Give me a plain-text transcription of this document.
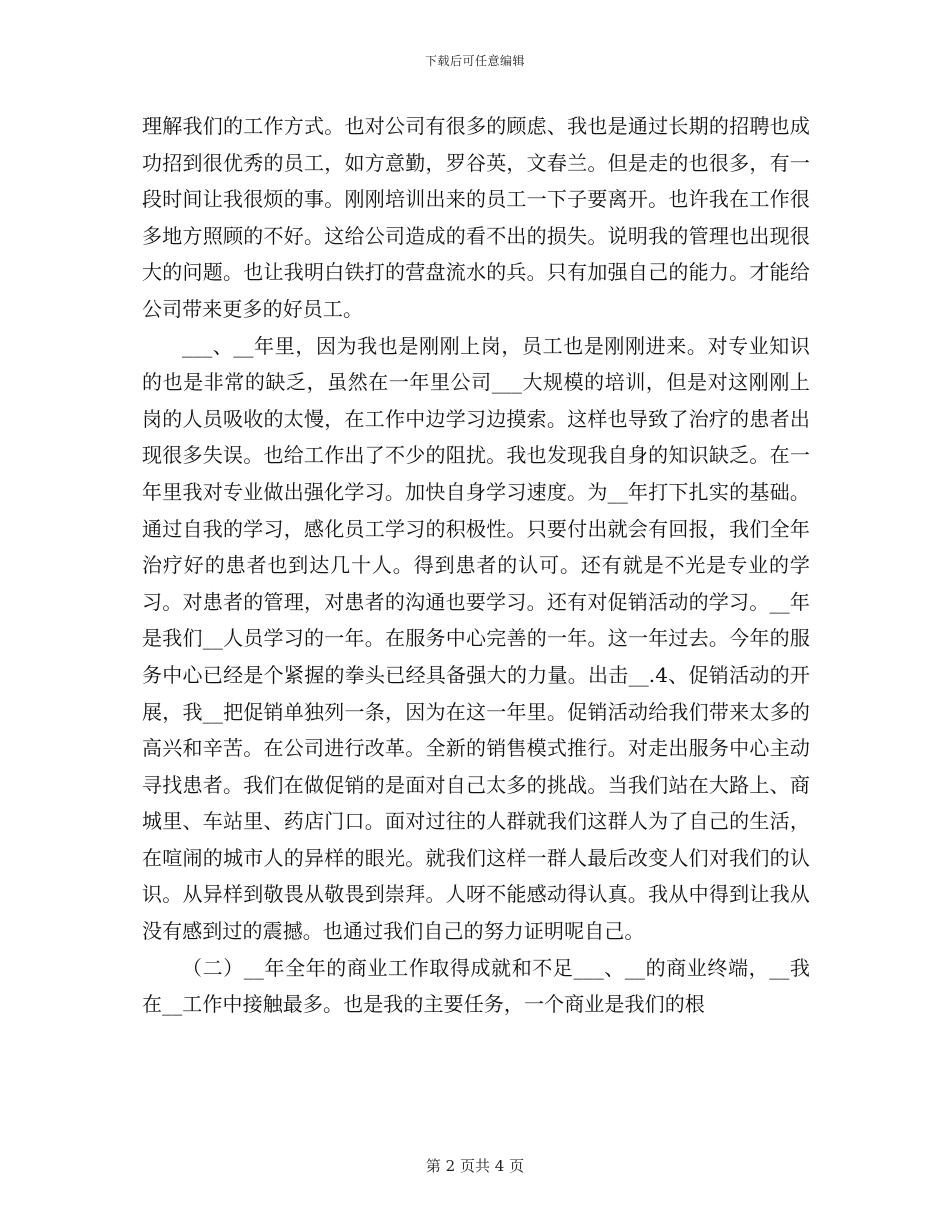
下载后可任意编辑

理解我们的工作方式。也对公司有很多的顾虑、我也是通过长期的招聘也成功招到很优秀的员工，如方意勤，罗谷英，文春兰。但是走的也很多，有一段时间让我很烦的事。刚刚培训出来的员工一下子要离开。也许我在工作很多地方照顾的不好。这给公司造成的看不出的损失。说明我的管理也出现很大的问题。也让我明白铁打的营盘流水的兵。只有加强自己的能力。才能给公司带来更多的好员工。

___、__年里，因为我也是刚刚上岗，员工也是刚刚进来。对专业知识的也是非常的缺乏，虽然在一年里公司___大规模的培训，但是对这刚刚上岗的人员吸收的太慢，在工作中边学习边摸索。这样也导致了治疗的患者出现很多失误。也给工作出了不少的阻扰。我也发现我自身的知识缺乏。在一年里我对专业做出强化学习。加快自身学习速度。为__年打下扎实的基础。通过自我的学习，感化员工学习的积极性。只要付出就会有回报，我们全年治疗好的患者也到达几十人。得到患者的认可。还有就是不光是专业的学习。对患者的管理，对患者的沟通也要学习。还有对促销活动的学习。__年是我们__人员学习的一年。在服务中心完善的一年。这一年过去。今年的服务中心已经是个紧握的拳头已经具备强大的力量。出击__.4、促销活动的开展，我__把促销单独列一条，因为在这一年里。促销活动给我们带来太多的高兴和辛苦。在公司进行改革。全新的销售模式推行。对走出服务中心主动寻找患者。我们在做促销的是面对自己太多的挑战。当我们站在大路上、商城里、车站里、药店门口。面对过往的人群就我们这群人为了自己的生活，在喧闹的城市人的异样的眼光。就我们这样一群人最后改变人们对我们的认识。从异样到敬畏从敬畏到崇拜。人呀不能感动得认真。我从中得到让我从没有感到过的震撼。也通过我们自己的努力证明呢自己。

（二）__年全年的商业工作取得成就和不足___、__的商业终端，__我在__工作中接触最多。也是我的主要任务，一个商业是我们的根

第 2 页共 4 页
